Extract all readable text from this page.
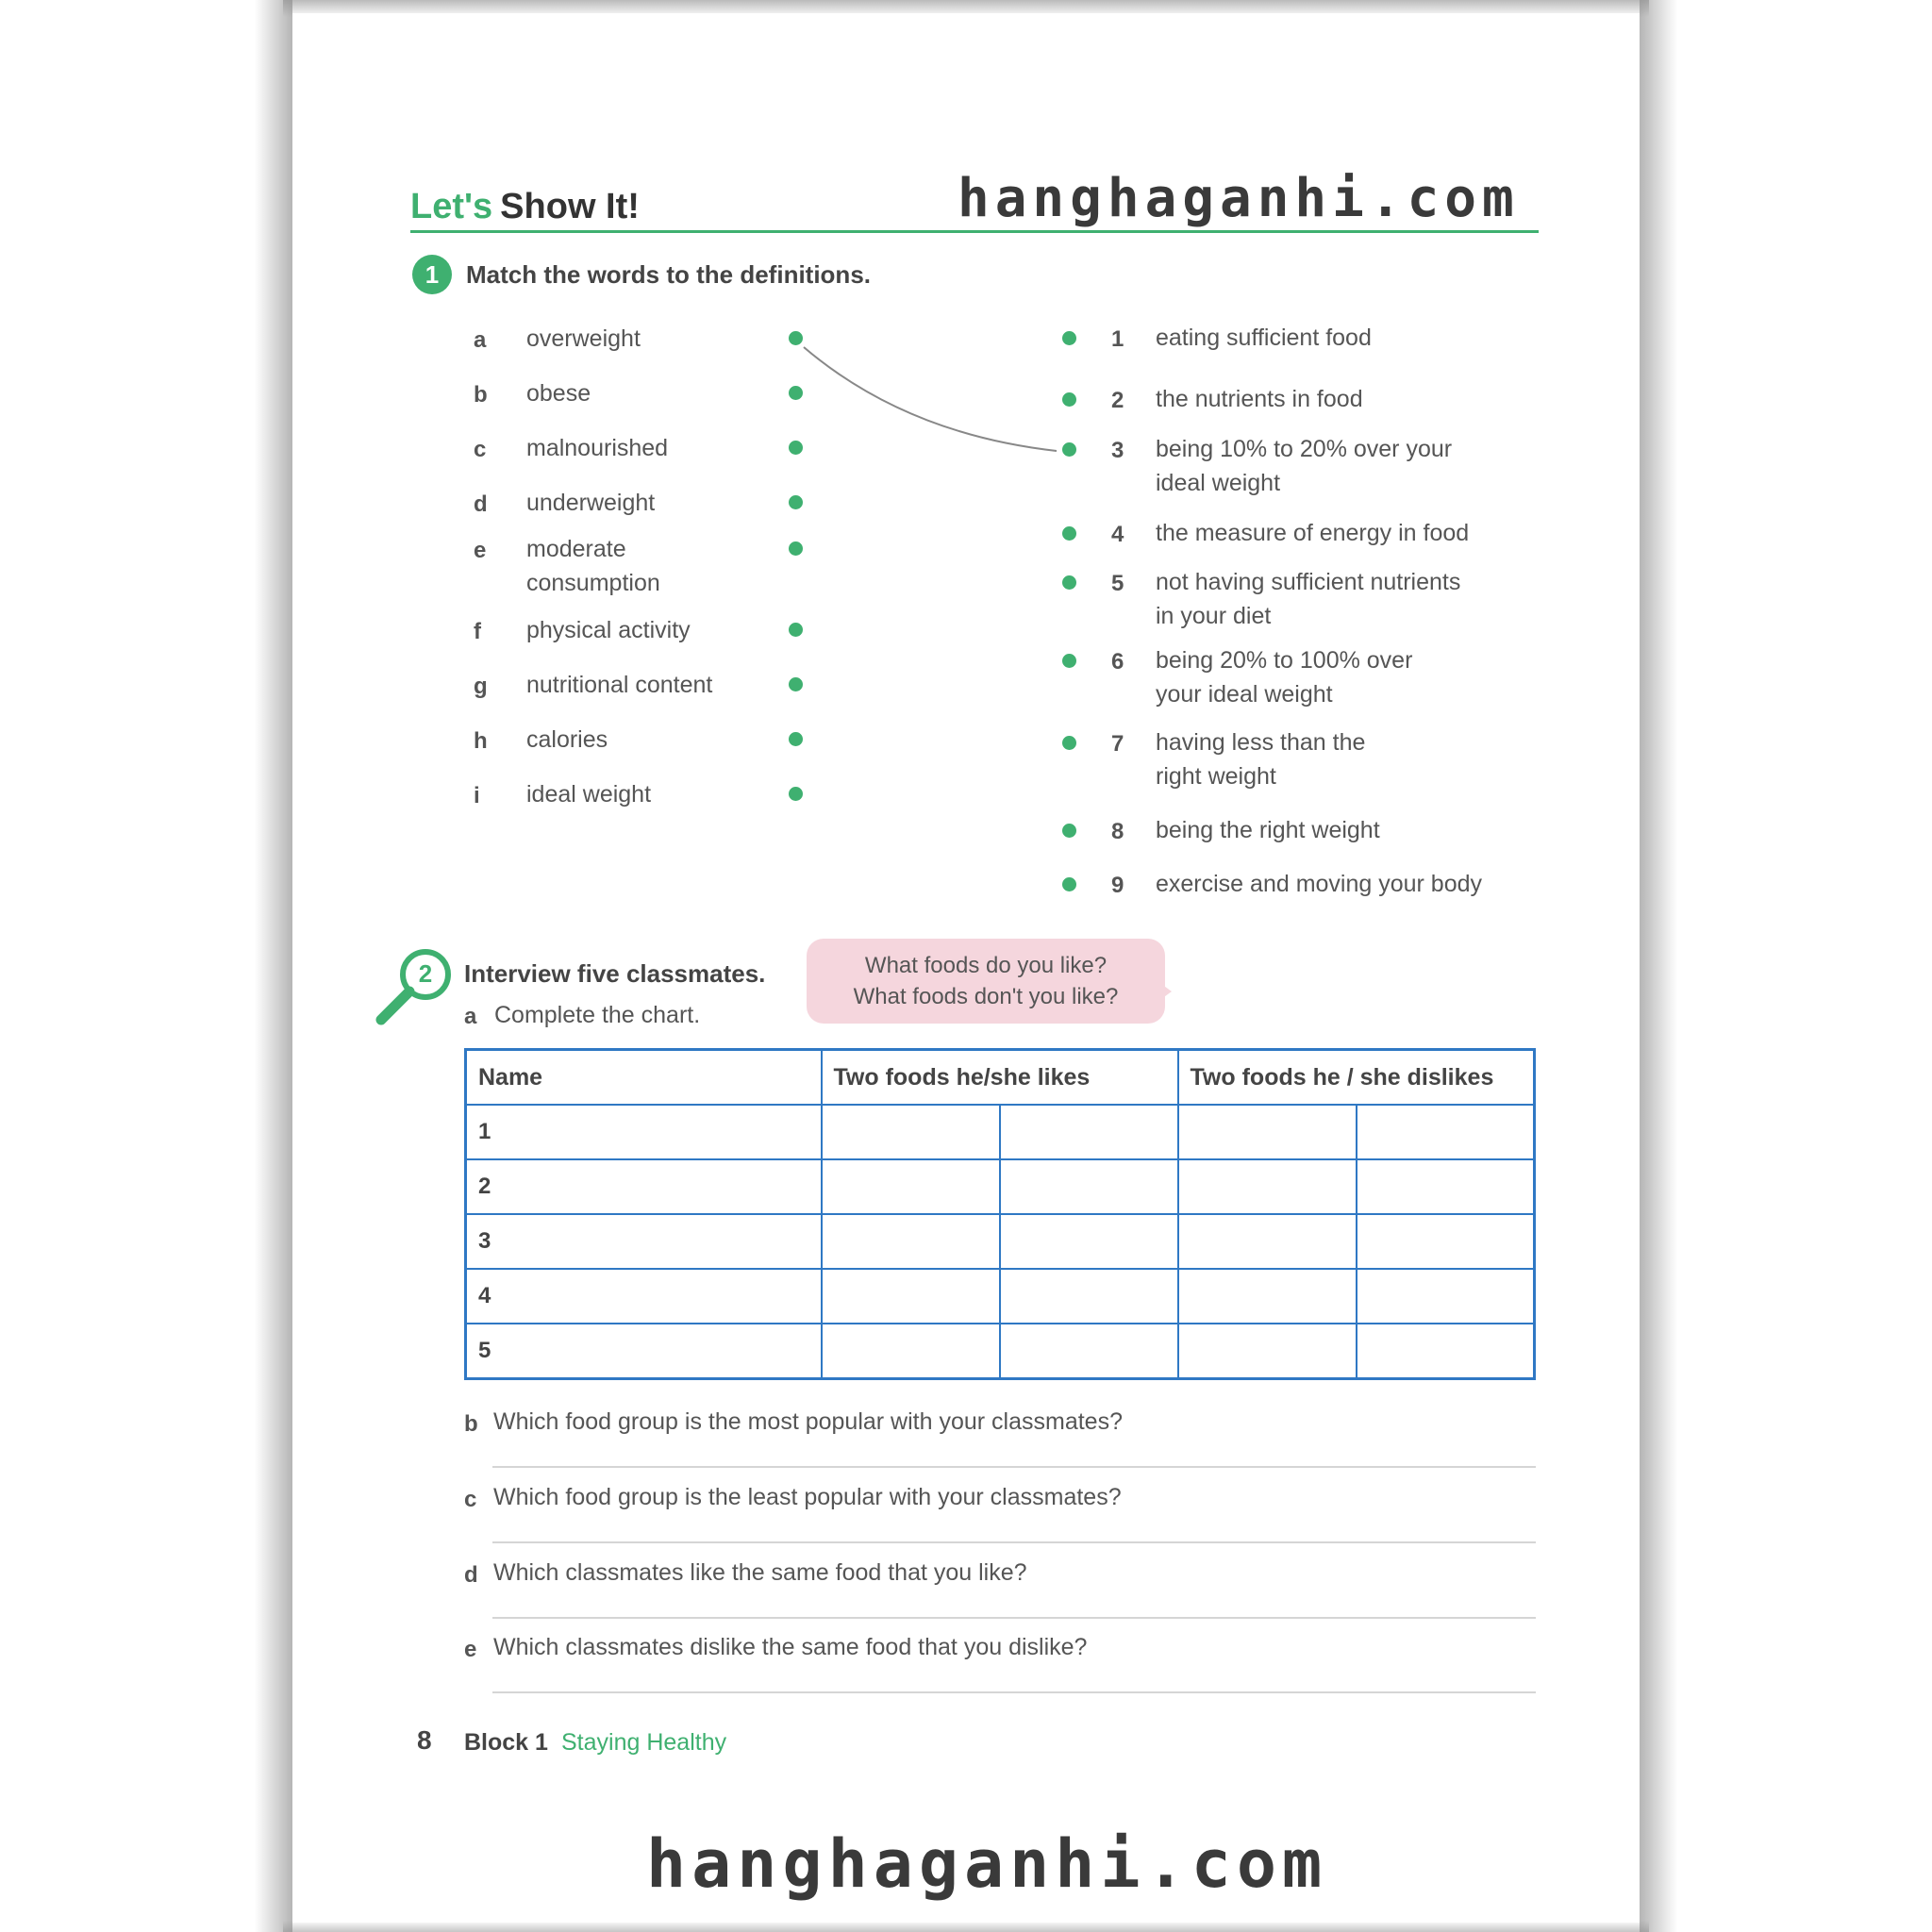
hanghaganhi.com
hanghaganhi.com
Let's Show It!
1	Match the words to the definitions.
a overweight
b obese
c malnourished
d underweight
e moderate
consumption
f physical activity
g nutritional content
h calories
i ideal weight
1 eating sufficient food
2 the nutrients in food
3 being 10% to 20% over your
ideal weight
4 the measure of energy in food
5 not having sufficient nutrients
in your diet
6 being 20% to 100% over
your ideal weight
7 having less than the
right weight
8 being the right weight
9 exercise and moving your body
2	Interview five classmates.
a Complete the chart.
What foods do you like?
What foods don't you like?
Name	Two foods he/she likes		Two foods he / she dislikes	
1				
2				
3				
4				
5				
b Which food group is the most popular with your classmates?
c Which food group is the least popular with your classmates?
d Which classmates like the same food that you like?
e Which classmates dislike the same food that you dislike?
8 Block 1 Staying Healthy
